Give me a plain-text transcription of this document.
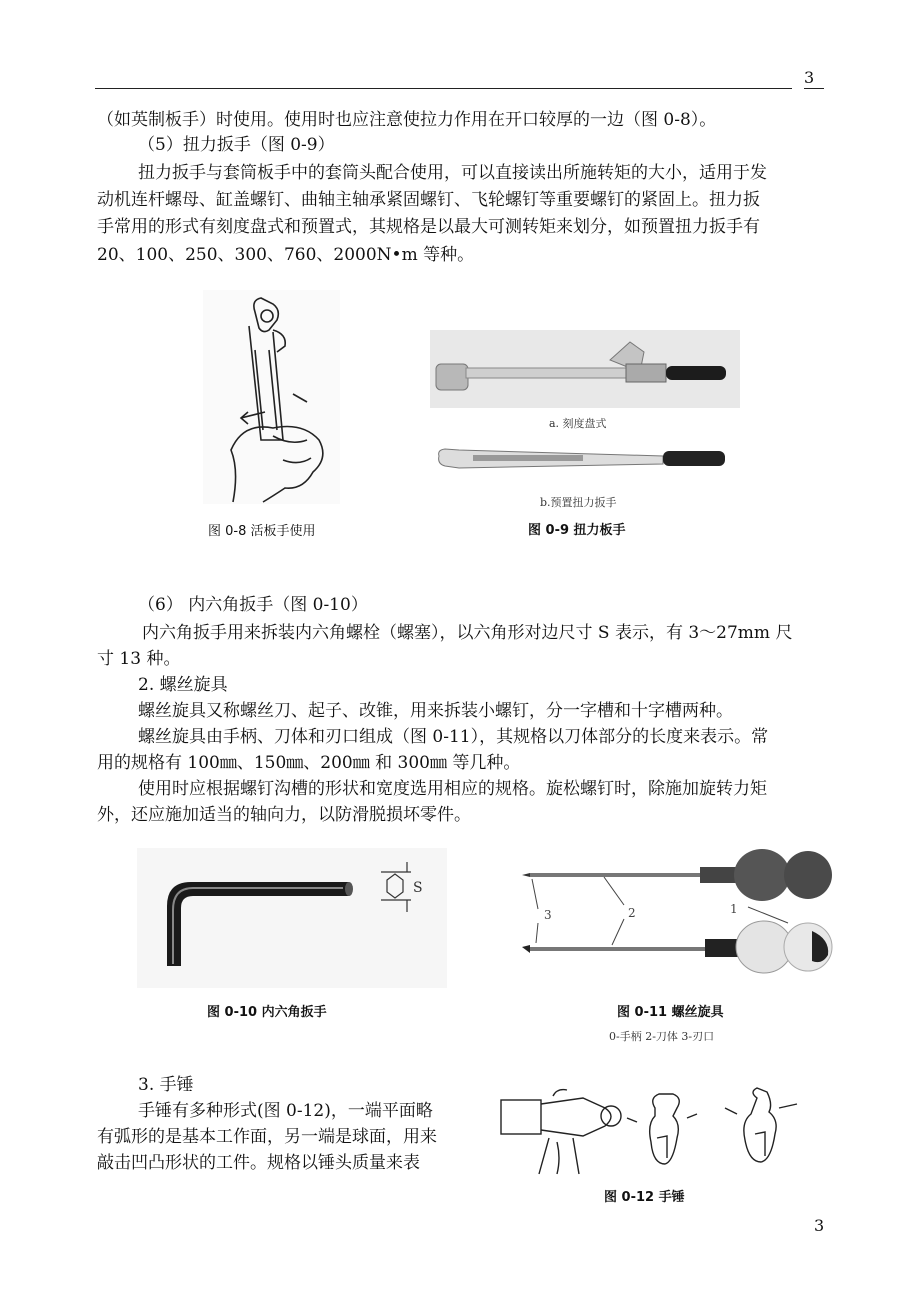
3
（如英制板手）时使用。使用时也应注意使拉力作用在开口较厚的一边（图 0-8）。
（5）扭力扳手（图 0-9）
扭力扳手与套筒板手中的套筒头配合使用，可以直接读出所施转矩的大小，适用于发
动机连杆螺母、缸盖螺钉、曲轴主轴承紧固螺钉、飞轮螺钉等重要螺钉的紧固上。扭力扳
手常用的形式有刻度盘式和预置式，其规格是以最大可测转矩来划分，如预置扭力扳手有
20、100、250、300、760、2000N•m 等种。
图 0-8 活板手使用
a. 刻度盘式
b.预置扭力扳手
图 0-9 扭力板手
（6） 内六角扳手（图 0-10）
内六角扳手用来拆装内六角螺栓（螺塞），以六角形对边尺寸 S 表示，有 3～27mm 尺
寸 13 种。
2. 螺丝旋具
螺丝旋具又称螺丝刀、起子、改锥，用来拆装小螺钉，分一字槽和十字槽两种。
螺丝旋具由手柄、刀体和刃口组成（图 0-11），其规格以刀体部分的长度来表示。常
用的规格有 100㎜、150㎜、200㎜ 和 300㎜ 等几种。
使用时应根据螺钉沟槽的形状和宽度选用相应的规格。旋松螺钉时，除施加旋转力矩
外，还应施加适当的轴向力，以防滑脱损坏零件。
S
图 0-10 内六角扳手
3	2	1
图 0-11 螺丝旋具
0-手柄 2-刀体 3-刃口
3. 手锤
手锤有多种形式(图 0-12)，一端平面略
有弧形的是基本工作面，另一端是球面，用来
敲击凹凸形状的工件。规格以锤头质量来表
图 0-12 手锤
3
